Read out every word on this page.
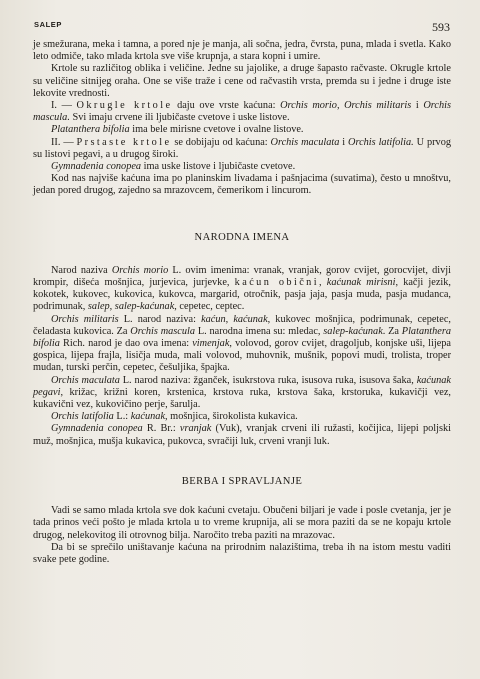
SALEP	593

je smežurana, meka i tamna, a pored nje je manja, ali sočna, jedra, čvrsta, puna, mlada i svetla. Kako leto odmiče, tako mlada krtola sve više krupnja, a stara kopni i umire.

Krtole su različitog oblika i veličine. Jedne su jajolike, a druge šapasto račvaste. Okrugle krtole su veličine sitnijeg oraha. One se više traže i cene od račvastih vrsta, premda su i jedne i druge iste lekovite vrednosti.

I. — Okrugle krtole daju ove vrste kaćuna: Orchis morio, Orchis militaris i Orchis mascula. Svi imaju crvene ili ljubičaste cvetove i uske listove.

Platanthera bifolia ima bele mirisne cvetove i ovalne listove.

II. — Prstaste krtole se dobijaju od kaćuna: Orchis maculata i Orchis latifolia. U prvog su listovi pegavi, a u drugog široki.

Gymnadenia conopea ima uske listove i ljubičaste cvetove.

Kod nas najviše kaćuna ima po planinskim livadama i pašnjacima (suvatima), često u mnoštvu, jedan pored drugog, zajedno sa mrazovcem, čemerikom i lincurom.

NARODNA IMENA

Narod naziva Orchis morio L. ovim imenima: vranak, vranjak, gorov cvijet, gorocvijet, divji krompir, dišeća mošnjica, jurjevica, jurjevke, kaćun obični, kaćunak mirisni, kačji jezik, kokotek, kukovec, kukovica, kukovca, margarid, otročnik, pasja jaja, pasja muda, pasja mudanca, podrimunak, salep, salep-kaćunak, cepetec, ceptec.

Orchis militaris L. narod naziva: kaćun, kaćunak, kukovec mošnjica, podrimunak, cepetec, čeladasta kukovica. Za Orchis mascula L. narodna imena su: mledac, salep-kaćunak. Za Platanthera bifolia Rich. narod je dao ova imena: vimenjak, volovod, gorov cvijet, dragoljub, konjske uši, lijepa gospica, lijepa frajla, lisičja muda, mali volovod, muhovnik, mušnik, popovi mudi, trolista, troper mudan, turski perčin, cepetec, češuljika, špajka.

Orchis maculata L. narod naziva: žganček, isukrstova ruka, isusova ruka, isusova šaka, kaćunak pegavi, križac, križni koren, krstenica, krstova ruka, krstova šaka, krstoruka, kukavičji vez, kukavični vez, kukovičino perje, šarulja.

Orchis latifolia L.: kaćunak, mošnjica, širokolista kukavica.

Gymnadenia conopea R. Br.: vranjak (Vuk), vranjak crveni ili ružasti, kočijica, lijepi poljski muž, mošnjica, mušja kukavica, pukovca, svračiji luk, crveni vranji luk.

BERBA I SPRAVLJANJE

Vadi se samo mlada krtola sve dok kaćuni cvetaju. Obučeni biljari je vade i posle cvetanja, jer je tada prinos veći pošto je mlada krtola u to vreme krupnija, ali se mora paziti da se ne kopaju krtole drugog, nelekovitog ili otrovnog bilja. Naročito treba paziti na mrazovac.

Da bi se sprečilo uništavanje kaćuna na prirodnim nalazištima, treba ih na istom mestu vaditi svake pete godine.
